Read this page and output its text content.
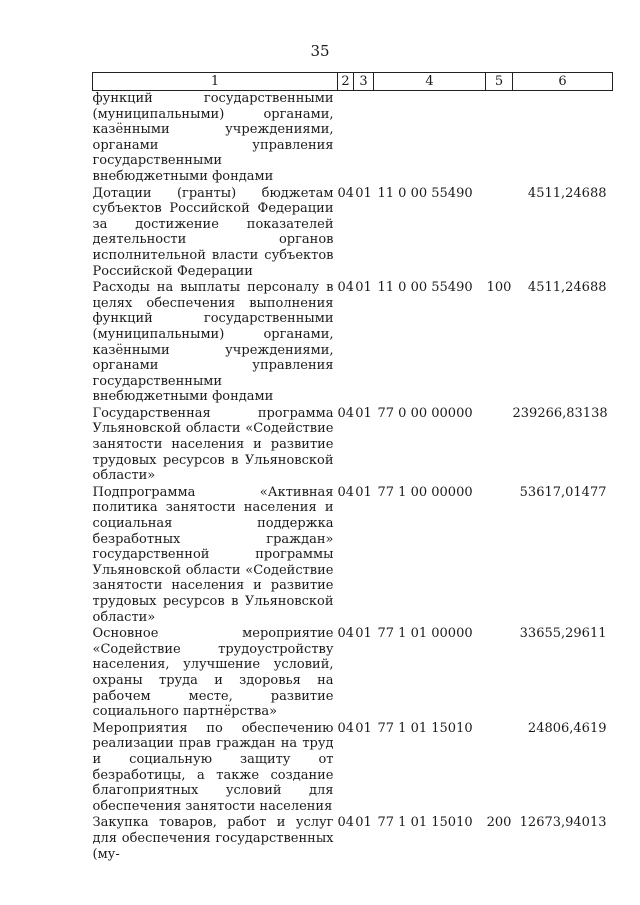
35
1	2	3	4	5	6
функций государственными (муниципальными) органами, казёнными учреждениями, органами управления государственными внебюджетными фондами					
Дотации (гранты) бюджетам субъектов Российской Федерации за достижение показателей деятельности органов исполнительной власти субъектов Российской Федерации	04	01	11 0 00 55490		4511,24688
Расходы на выплаты персоналу в целях обеспечения выполнения функций государственными (муниципальными) органами, казёнными учреждениями, органами управления государственными внебюджетными фондами	04	01	11 0 00 55490	100	4511,24688
Государственная программа Ульяновской области «Содействие занятости населения и развитие трудовых ресурсов в Ульяновской области»	04	01	77 0 00 00000		239266,83138
Подпрограмма «Активная политика занятости населения и социальная поддержка безработных граждан» государственной программы Ульяновской области «Содействие занятости населения и развитие трудовых ресурсов в Ульяновской области»	04	01	77 1 00 00000		53617,01477
Основное мероприятие «Содействие трудоустройству населения, улучшение условий, охраны труда и здоровья на рабочем месте, развитие социального партнёрства»	04	01	77 1 01 00000		33655,29611
Мероприятия по обеспечению реализации прав граждан на труд и социальную защиту от безработицы, а также создание благоприятных условий для обеспечения занятости населения	04	01	77 1 01 15010		24806,4619
Закупка товаров, работ и услуг для обеспечения государственных (му-	04	01	77 1 01 15010	200	12673,94013
